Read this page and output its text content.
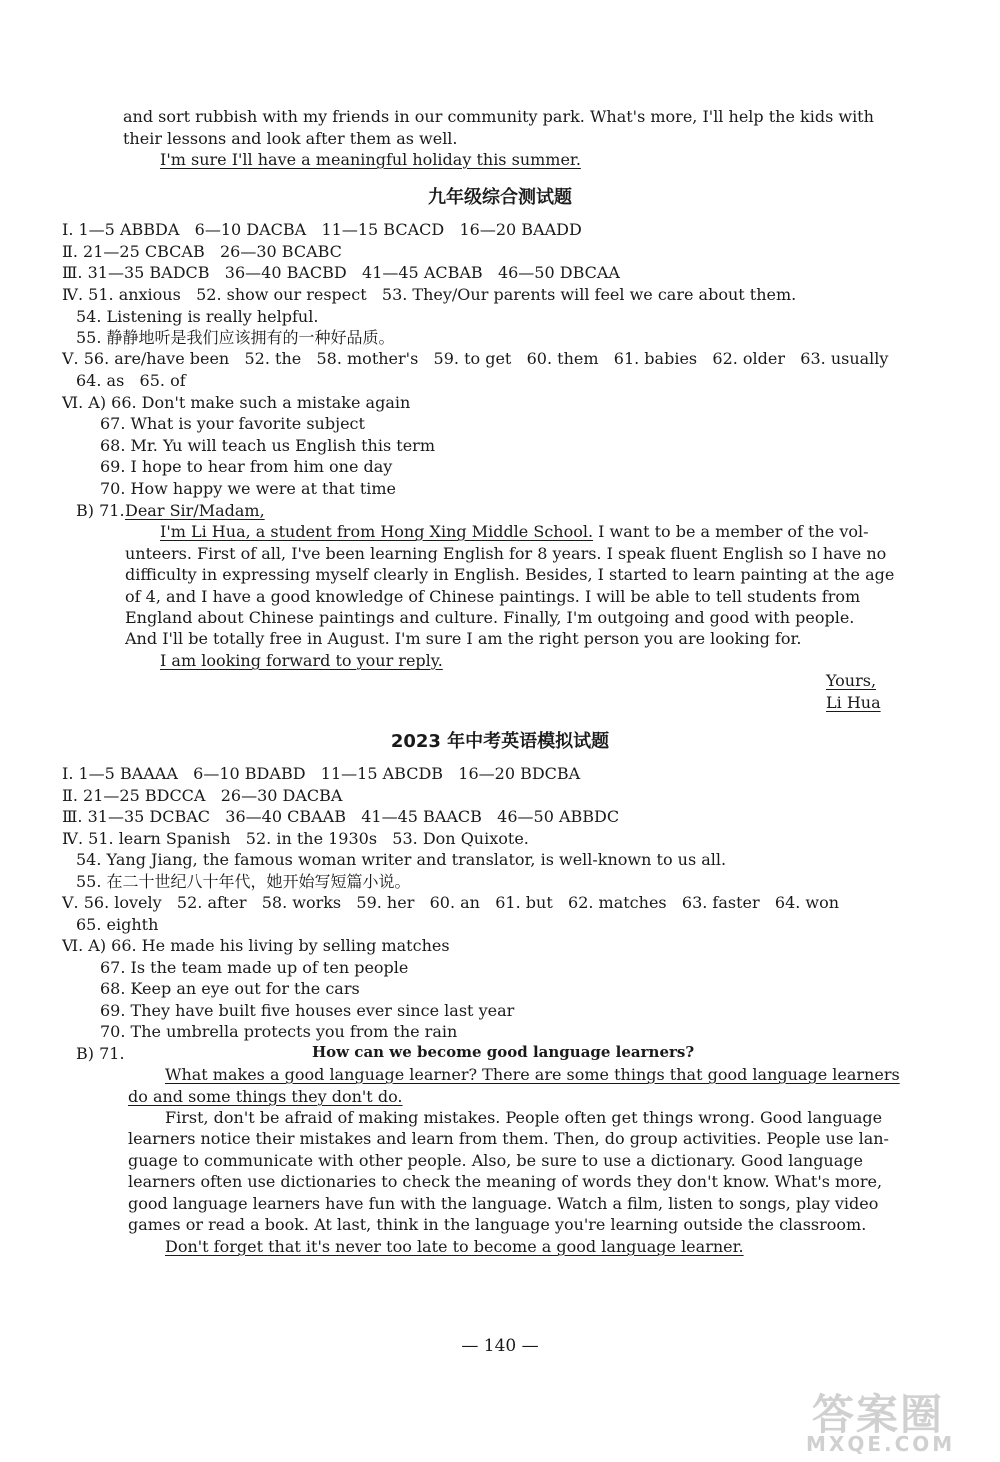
and sort rubbish with my friends in our community park. What's more, I'll help the kids with
their lessons and look after them as well.
I'm sure I'll have a meaningful holiday this summer.
九年级综合测试题
Ⅰ. 1—5 ABBDA   6—10 DACBA   11—15 BCACD   16—20 BAADD
Ⅱ. 21—25 CBCAB   26—30 BCABC
Ⅲ. 31—35 BADCB   36—40 BACBD   41—45 ACBAB   46—50 DBCAA
Ⅳ. 51. anxious   52. show our respect   53. They/Our parents will feel we care about them.
54. Listening is really helpful.
55. 静静地听是我们应该拥有的一种好品质。
Ⅴ. 56. are/have been   52. the   58. mother's   59. to get   60. them   61. babies   62. older   63. usually
64. as   65. of
Ⅵ. A) 66. Don't make such a mistake again
67. What is your favorite subject
68. Mr. Yu will teach us English this term
69. I hope to hear from him one day
70. How happy we were at that time
B) 71. Dear Sir/Madam,
I'm Li Hua, a student from Hong Xing Middle School. I want to be a member of the vol-
unteers. First of all, I've been learning English for 8 years. I speak fluent English so I have no
difficulty in expressing myself clearly in English. Besides, I started to learn painting at the age
of 4, and I have a good knowledge of Chinese paintings. I will be able to tell students from
England about Chinese paintings and culture. Finally, I'm outgoing and good with people.
And I'll be totally free in August. I'm sure I am the right person you are looking for.
I am looking forward to your reply.
Yours,
Li Hua
2023 年中考英语模拟试题
Ⅰ. 1—5 BAAAA   6—10 BDABD   11—15 ABCDB   16—20 BDCBA
Ⅱ. 21—25 BDCCA   26—30 DACBA
Ⅲ. 31—35 DCBAC   36—40 CBAAB   41—45 BAACB   46—50 ABBDC
Ⅳ. 51. learn Spanish   52. in the 1930s   53. Don Quixote.
54. Yang Jiang, the famous woman writer and translator, is well-known to us all.
55. 在二十世纪八十年代，她开始写短篇小说。
Ⅴ. 56. lovely   52. after   58. works   59. her   60. an   61. but   62. matches   63. faster   64. won
65. eighth
Ⅵ. A) 66. He made his living by selling matches
67. Is the team made up of ten people
68. Keep an eye out for the cars
69. They have built five houses ever since last year
70. The umbrella protects you from the rain
B) 71.	How can we become good language learners?
What makes a good language learner? There are some things that good language learners
do and some things they don't do.
First, don't be afraid of making mistakes. People often get things wrong. Good language
learners notice their mistakes and learn from them. Then, do group activities. People use lan-
guage to communicate with other people. Also, be sure to use a dictionary. Good language
learners often use dictionaries to check the meaning of words they don't know. What's more,
good language learners have fun with the language. Watch a film, listen to songs, play video
games or read a book. At last, think in the language you're learning outside the classroom.
Don't forget that it's never too late to become a good language learner.
— 140 —
答案圈
MXQE.COM
